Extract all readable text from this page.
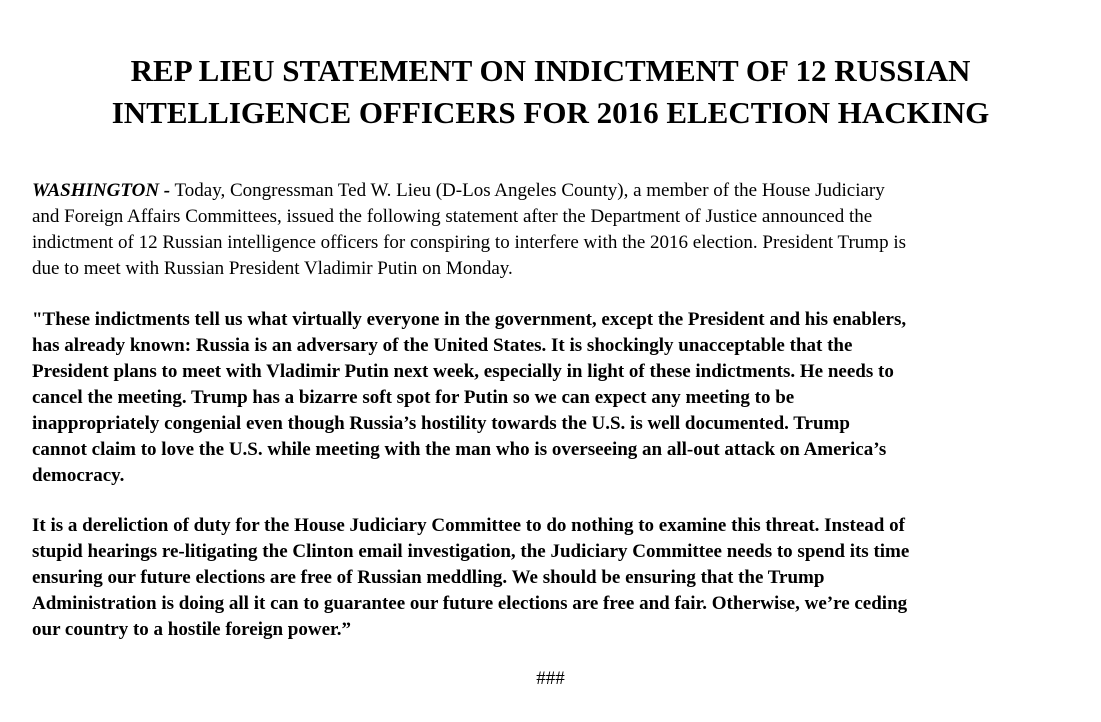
REP LIEU STATEMENT ON INDICTMENT OF 12 RUSSIAN
INTELLIGENCE OFFICERS FOR 2016 ELECTION HACKING

WASHINGTON - Today, Congressman Ted W. Lieu (D-Los Angeles County), a member of the House Judiciary
and Foreign Affairs Committees, issued the following statement after the Department of Justice announced the
indictment of 12 Russian intelligence officers for conspiring to interfere with the 2016 election. President Trump is
due to meet with Russian President Vladimir Putin on Monday.

"These indictments tell us what virtually everyone in the government, except the President and his enablers,
has already known: Russia is an adversary of the United States. It is shockingly unacceptable that the
President plans to meet with Vladimir Putin next week, especially in light of these indictments. He needs to
cancel the meeting. Trump has a bizarre soft spot for Putin so we can expect any meeting to be
inappropriately congenial even though Russia’s hostility towards the U.S. is well documented. Trump
cannot claim to love the U.S. while meeting with the man who is overseeing an all-out attack on America’s
democracy.

It is a dereliction of duty for the House Judiciary Committee to do nothing to examine this threat. Instead of
stupid hearings re-litigating the Clinton email investigation, the Judiciary Committee needs to spend its time
ensuring our future elections are free of Russian meddling. We should be ensuring that the Trump
Administration is doing all it can to guarantee our future elections are free and fair. Otherwise, we’re ceding
our country to a hostile foreign power.”

###
